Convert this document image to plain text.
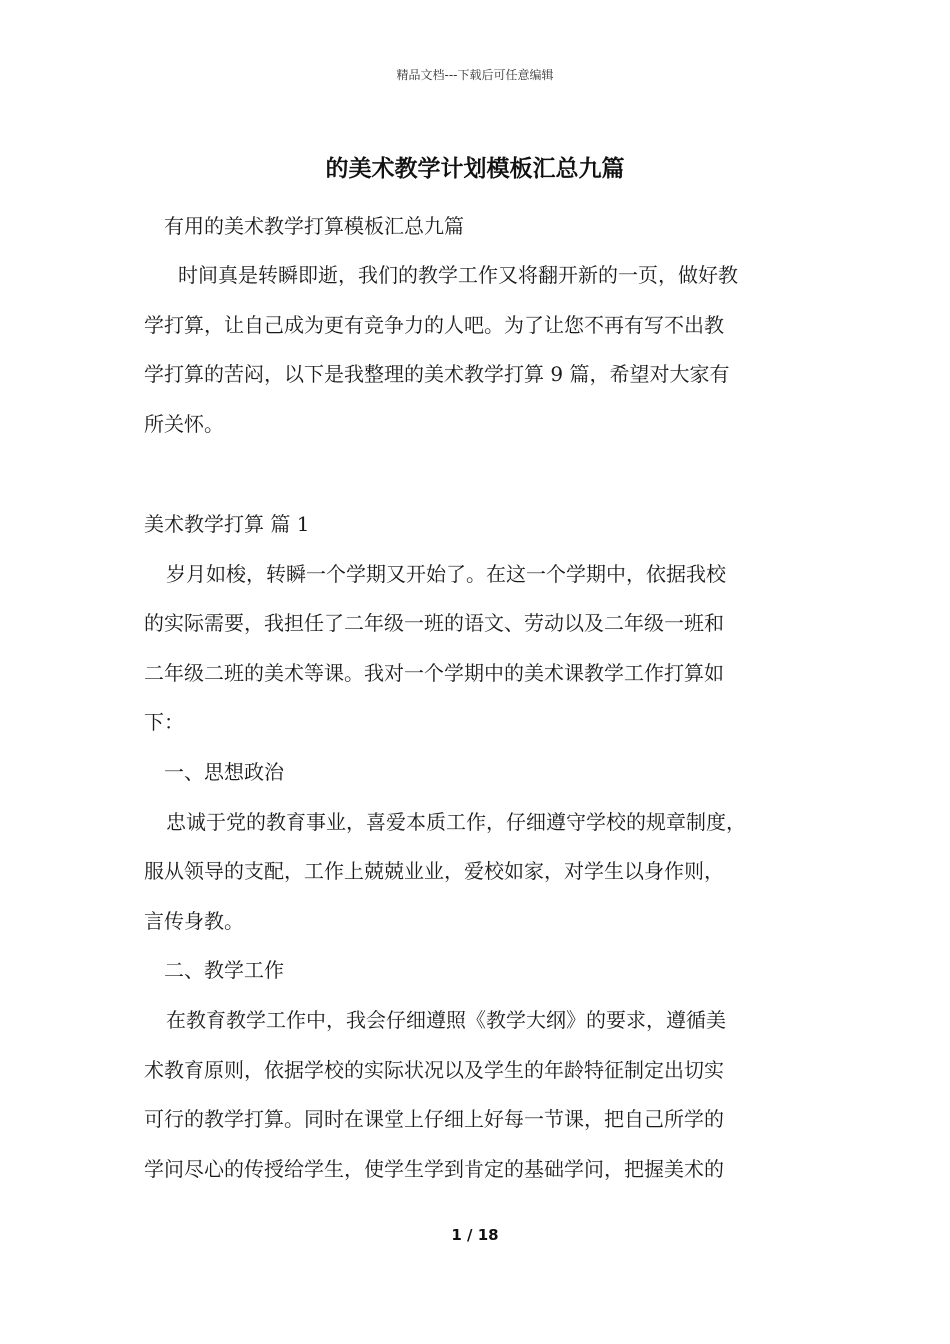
精品文档---下载后可任意编辑
的美术教学计划模板汇总九篇
有用的美术教学打算模板汇总九篇
时间真是转瞬即逝，我们的教学工作又将翻开新的一页，做好教
学打算，让自己成为更有竞争力的人吧。为了让您不再有写不出教
学打算的苦闷，以下是我整理的美术教学打算 9 篇，希望对大家有
所关怀。
美术教学打算 篇 1
岁月如梭，转瞬一个学期又开始了。在这一个学期中，依据我校
的实际需要，我担任了二年级一班的语文、劳动以及二年级一班和
二年级二班的美术等课。我对一个学期中的美术课教学工作打算如
下：
一、思想政治
忠诚于党的教育事业，喜爱本质工作，仔细遵守学校的规章制度，
服从领导的支配，工作上兢兢业业，爱校如家，对学生以身作则，
言传身教。
二、教学工作
在教育教学工作中，我会仔细遵照《教学大纲》的要求，遵循美
术教育原则，依据学校的实际状况以及学生的年龄特征制定出切实
可行的教学打算。同时在课堂上仔细上好每一节课，把自己所学的
学问尽心的传授给学生，使学生学到肯定的基础学问，把握美术的
1 / 18
